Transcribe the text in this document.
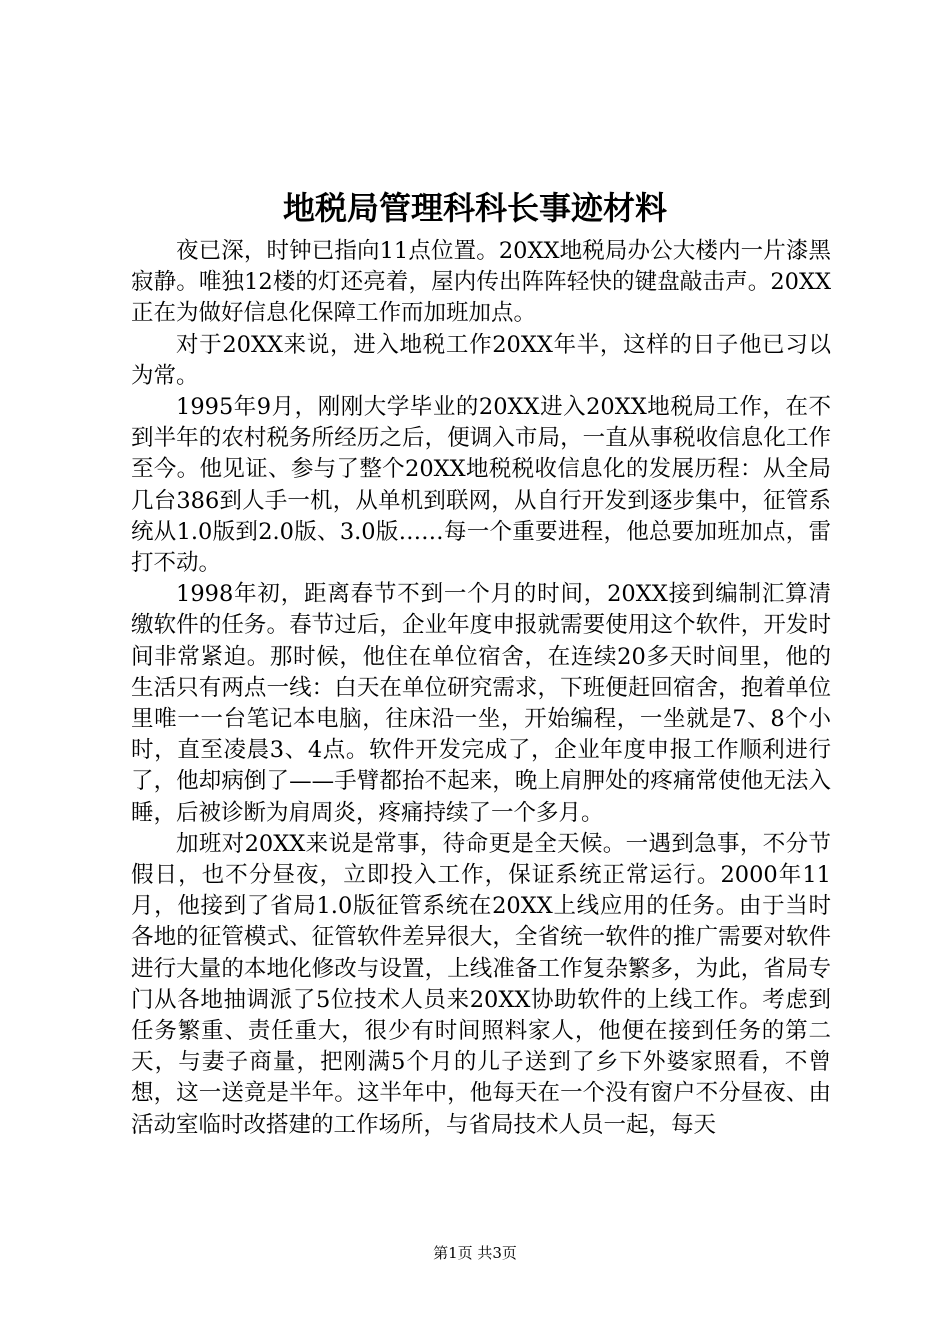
地税局管理科科长事迹材料

夜已深，时钟已指向11点位置。20XX地税局办公大楼内一片漆黑寂静。唯独12楼的灯还亮着，屋内传出阵阵轻快的键盘敲击声。20XX正在为做好信息化保障工作而加班加点。

对于20XX来说，进入地税工作20XX年半，这样的日子他已习以为常。

1995年9月，刚刚大学毕业的20XX进入20XX地税局工作，在不到半年的农村税务所经历之后，便调入市局，一直从事税收信息化工作至今。他见证、参与了整个20XX地税税收信息化的发展历程：从全局几台386到人手一机，从单机到联网，从自行开发到逐步集中，征管系统从1.0版到2.0版、3.0版……每一个重要进程，他总要加班加点，雷打不动。

1998年初，距离春节不到一个月的时间，20XX接到编制汇算清缴软件的任务。春节过后，企业年度申报就需要使用这个软件，开发时间非常紧迫。那时候，他住在单位宿舍，在连续20多天时间里，他的生活只有两点一线：白天在单位研究需求，下班便赶回宿舍，抱着单位里唯一一台笔记本电脑，往床沿一坐，开始编程，一坐就是7、8个小时，直至凌晨3、4点。软件开发完成了，企业年度申报工作顺利进行了，他却病倒了——手臂都抬不起来，晚上肩胛处的疼痛常使他无法入睡，后被诊断为肩周炎，疼痛持续了一个多月。

加班对20XX来说是常事，待命更是全天候。一遇到急事，不分节假日，也不分昼夜，立即投入工作，保证系统正常运行。2000年11月，他接到了省局1.0版征管系统在20XX上线应用的任务。由于当时各地的征管模式、征管软件差异很大，全省统一软件的推广需要对软件进行大量的本地化修改与设置，上线准备工作复杂繁多，为此，省局专门从各地抽调派了5位技术人员来20XX协助软件的上线工作。考虑到任务繁重、责任重大，很少有时间照料家人，他便在接到任务的第二天，与妻子商量，把刚满5个月的儿子送到了乡下外婆家照看，不曾想，这一送竟是半年。这半年中，他每天在一个没有窗户不分昼夜、由活动室临时改搭建的工作场所，与省局技术人员一起，每天

第1页 共3页
